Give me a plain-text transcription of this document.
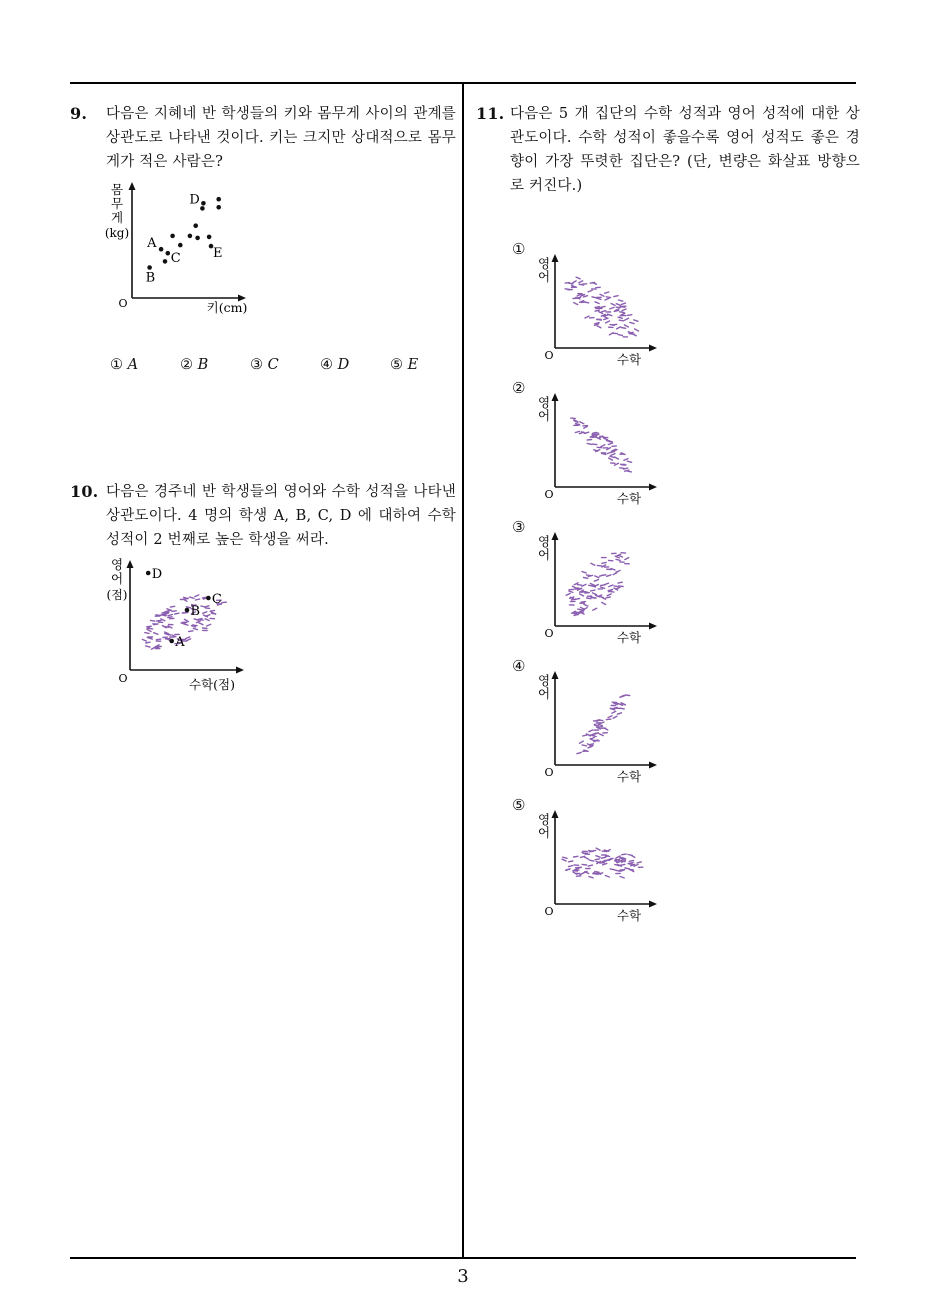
9. 다음은 지혜네 반 학생들의 키와 몸무게 사이의 관계를 상관도로 나타낸 것이다. 키는 크지만 상대적으로 몸무게가 적은 사람은?
몸
무
게
(kg)
O	키(cm)
A
B
C
D
E
① A	② B	③ C	④ D	⑤ E
10. 다음은 경주네 반 학생들의 영어와 수학 성적을 나타낸 상관도이다. 4 명의 학생 A, B, C, D 에 대하여 수학 성적이 2 번째로 높은 학생을 써라.
영
어
(점)
O	수학(점)
D
C
B
A
11. 다음은 5 개 집단의 수학 성적과 영어 성적에 대한 상관도이다. 수학 성적이 좋을수록 영어 성적도 좋은 경향이 가장 뚜렷한 집단은? (단, 변량은 화살표 방향으로 커진다.)
①
영
어
O	수학
②
영
어
O	수학
③
영
어
O	수학
④
영
어
O	수학
⑤
영
어
O	수학
3
